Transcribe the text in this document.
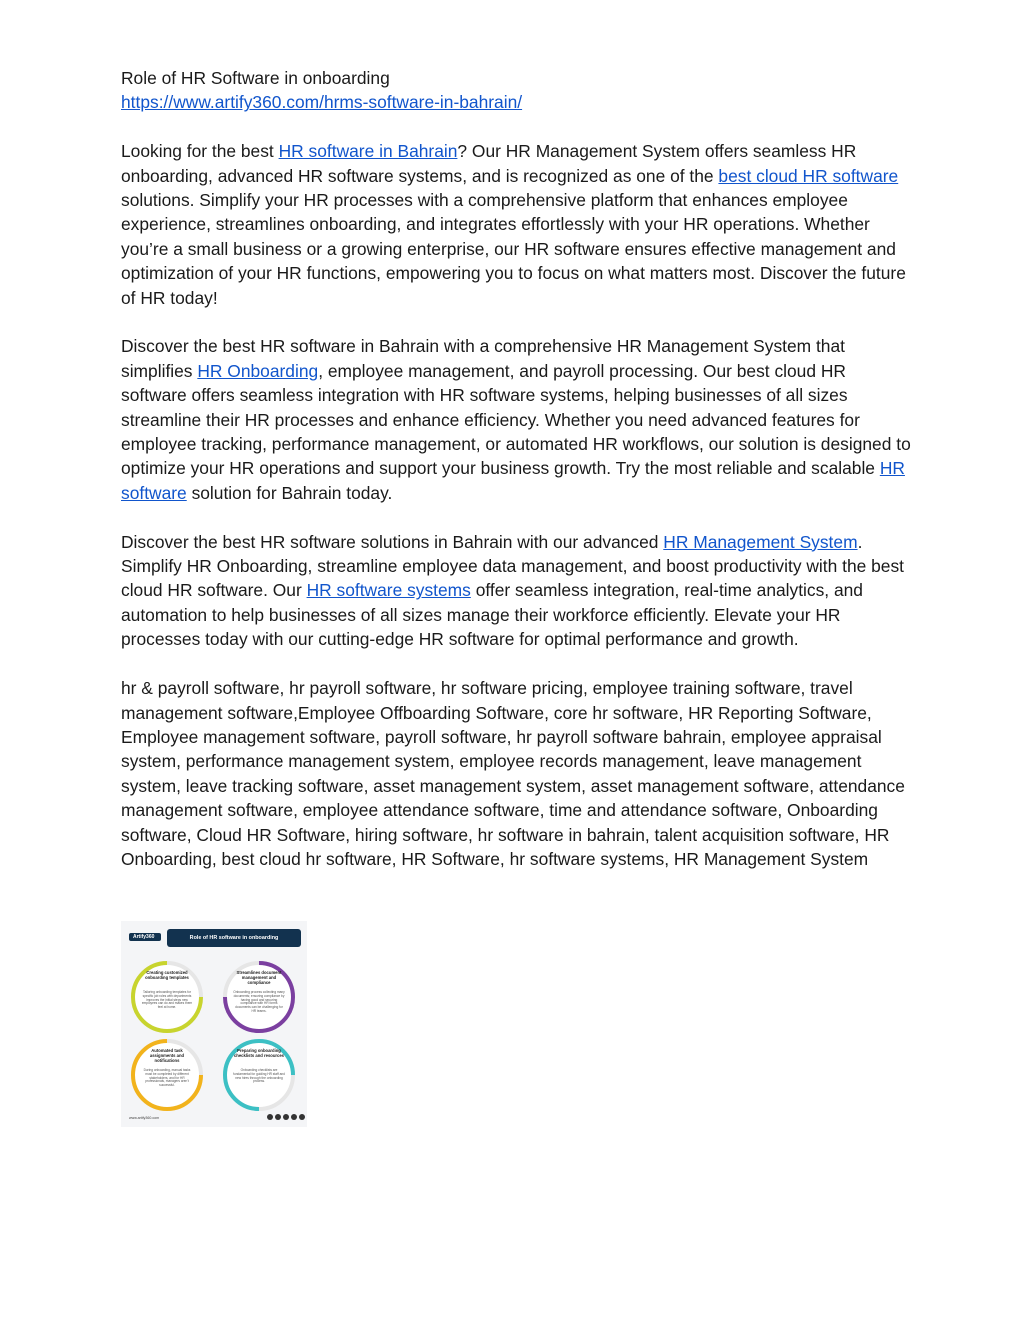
Role of HR Software in onboarding

https://www.artify360.com/hrms-software-in-bahrain/

Looking for the best HR software in Bahrain? Our HR Management System offers seamless HR onboarding, advanced HR software systems, and is recognized as one of the best cloud HR software solutions. Simplify your HR processes with a comprehensive platform that enhances employee experience, streamlines onboarding, and integrates effortlessly with your HR operations. Whether you’re a small business or a growing enterprise, our HR software ensures effective management and optimization of your HR functions, empowering you to focus on what matters most. Discover the future of HR today!

Discover the best HR software in Bahrain with a comprehensive HR Management System that simplifies HR Onboarding, employee management, and payroll processing. Our best cloud HR software offers seamless integration with HR software systems, helping businesses of all sizes streamline their HR processes and enhance efficiency. Whether you need advanced features for employee tracking, performance management, or automated HR workflows, our solution is designed to optimize your HR operations and support your business growth. Try the most reliable and scalable HR software solution for Bahrain today.

Discover the best HR software solutions in Bahrain with our advanced HR Management System. Simplify HR Onboarding, streamline employee data management, and boost productivity with the best cloud HR software. Our HR software systems offer seamless integration, real-time analytics, and automation to help businesses of all sizes manage their workforce efficiently. Elevate your HR processes today with our cutting-edge HR software for optimal performance and growth.

hr & payroll software, hr payroll software, hr software pricing, employee training software, travel management software,Employee Offboarding Software, core hr software, HR Reporting Software, Employee management software, payroll software, hr payroll software bahrain, employee appraisal system, performance management system, employee records management, leave management system, leave tracking software, asset management system, asset management software, attendance management software, employee attendance software, time and attendance software, Onboarding software, Cloud HR Software, hiring software, hr software in bahrain, talent acquisition software, HR Onboarding, best cloud hr software, HR Software, hr software systems, HR Management System

Artify360	Role of HR software in onboarding
Creating customized onboarding templates
Tailoring onboarding templates for specific job roles with departments improves the initial steps new employees can do and makes them feel at home.
Streamlines document management and compliance
Onboarding process collecting many documents; ensuring compliance by having good and securing compliance with HR forms documents can be challenging for HR teams.
Automated task assignments and notifications
During onboarding, manual tasks must be completed by different stakeholders, and for HR professionals, managers aren't successful.
Preparing onboarding checklists and resources
Onboarding checklists are fundamental for guiding HR staff and new hires through the onboarding process.
www.artify360.com
